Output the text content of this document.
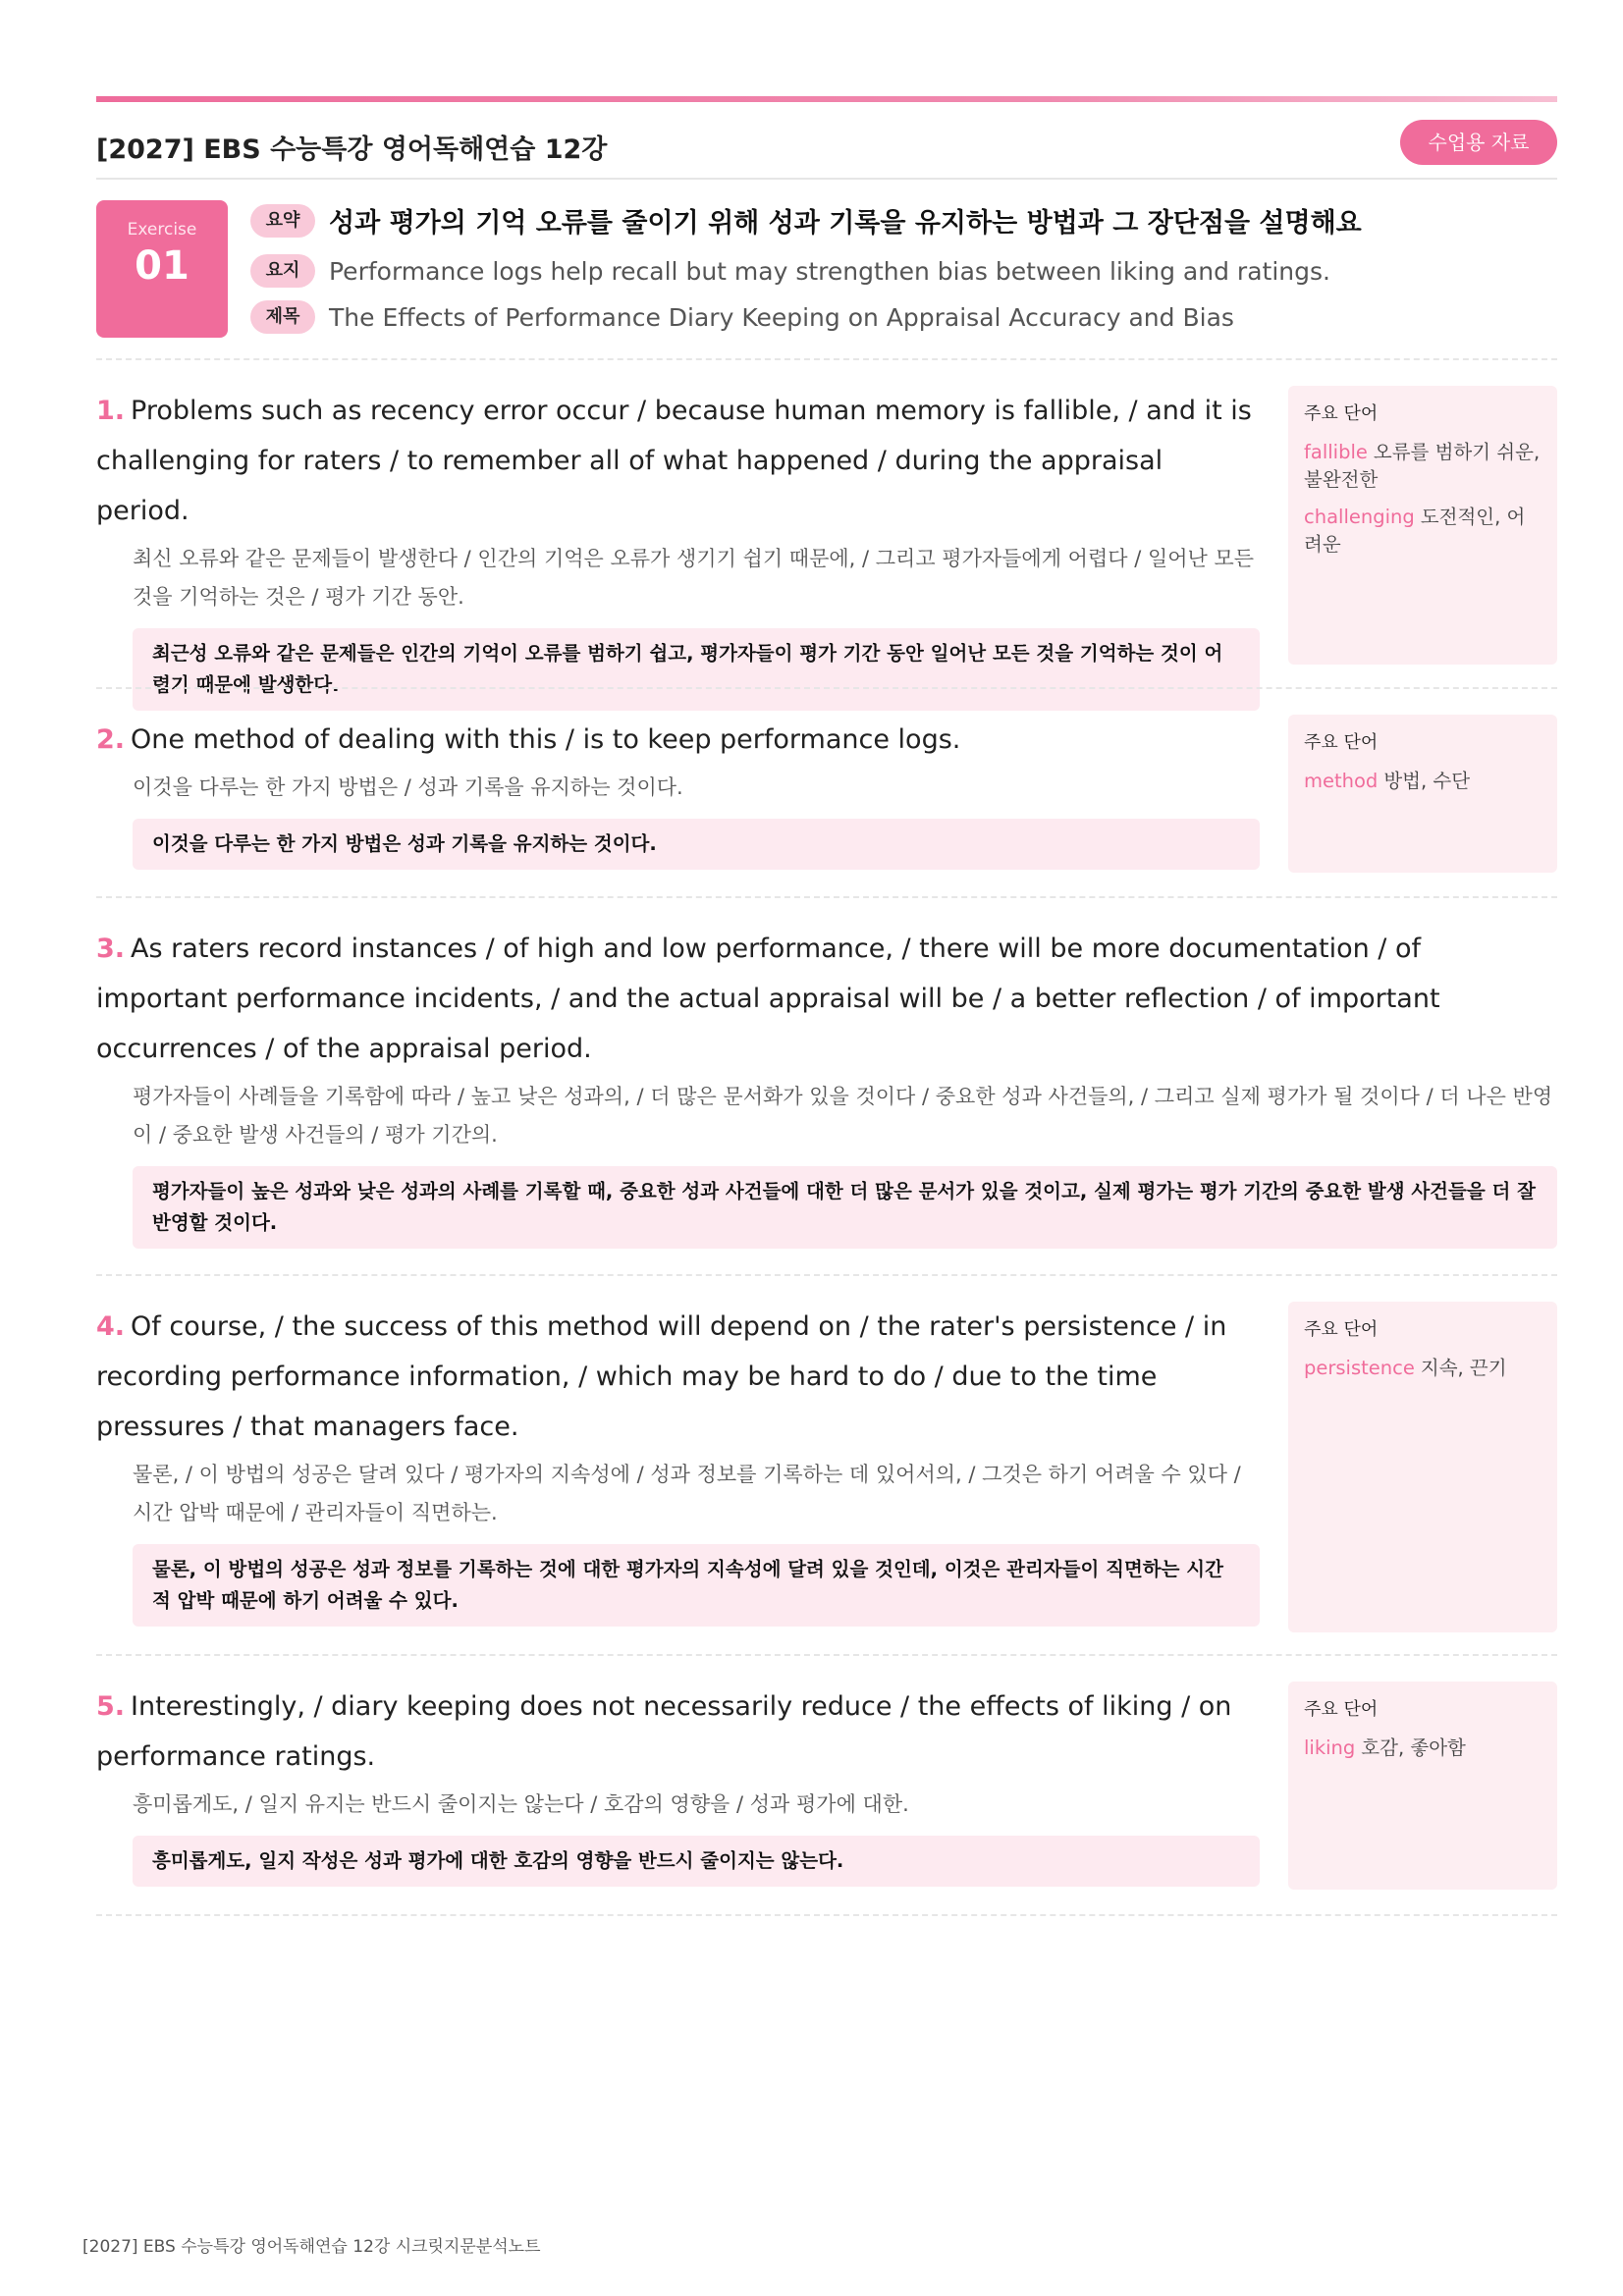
[2027] EBS 수능특강 영어독해연습 12강	수업용 자료
Exercise
01
요약	성과 평가의 기억 오류를 줄이기 위해 성과 기록을 유지하는 방법과 그 장단점을 설명해요
요지	Performance logs help recall but may strengthen bias between liking and ratings.
제목	The Effects of Performance Diary Keeping on Appraisal Accuracy and Bias
1. Problems such as recency error occur / because human memory is fallible, / and it is challenging for raters / to remember all of what happened / during the appraisal period.
최신 오류와 같은 문제들이 발생한다 / 인간의 기억은 오류가 생기기 쉽기 때문에, / 그리고 평가자들에게 어렵다 / 일어난 모든 것을 기억하는 것은 / 평가 기간 동안.
최근성 오류와 같은 문제들은 인간의 기억이 오류를 범하기 쉽고, 평가자들이 평가 기간 동안 일어난 모든 것을 기억하는 것이 어렵기 때문에 발생한다.
주요 단어
fallible 오류를 범하기 쉬운, 불완전한
challenging 도전적인, 어려운
2. One method of dealing with this / is to keep performance logs.
이것을 다루는 한 가지 방법은 / 성과 기록을 유지하는 것이다.
이것을 다루는 한 가지 방법은 성과 기록을 유지하는 것이다.
주요 단어
method 방법, 수단
3. As raters record instances / of high and low performance, / there will be more documentation / of important performance incidents, / and the actual appraisal will be / a better reflection / of important occurrences / of the appraisal period.
평가자들이 사례들을 기록함에 따라 / 높고 낮은 성과의, / 더 많은 문서화가 있을 것이다 / 중요한 성과 사건들의, / 그리고 실제 평가가 될 것이다 / 더 나은 반영이 / 중요한 발생 사건들의 / 평가 기간의.
평가자들이 높은 성과와 낮은 성과의 사례를 기록할 때, 중요한 성과 사건들에 대한 더 많은 문서가 있을 것이고, 실제 평가는 평가 기간의 중요한 발생 사건들을 더 잘 반영할 것이다.
4. Of course, / the success of this method will depend on / the rater's persistence / in recording performance information, / which may be hard to do / due to the time pressures / that managers face.
물론, / 이 방법의 성공은 달려 있다 / 평가자의 지속성에 / 성과 정보를 기록하는 데 있어서의, / 그것은 하기 어려울 수 있다 / 시간 압박 때문에 / 관리자들이 직면하는.
물론, 이 방법의 성공은 성과 정보를 기록하는 것에 대한 평가자의 지속성에 달려 있을 것인데, 이것은 관리자들이 직면하는 시간적 압박 때문에 하기 어려울 수 있다.
주요 단어
persistence 지속, 끈기
5. Interestingly, / diary keeping does not necessarily reduce / the effects of liking / on performance ratings.
흥미롭게도, / 일지 유지는 반드시 줄이지는 않는다 / 호감의 영향을 / 성과 평가에 대한.
흥미롭게도, 일지 작성은 성과 평가에 대한 호감의 영향을 반드시 줄이지는 않는다.
주요 단어
liking 호감, 좋아함
[2027] EBS 수능특강 영어독해연습 12강 시크릿지문분석노트
